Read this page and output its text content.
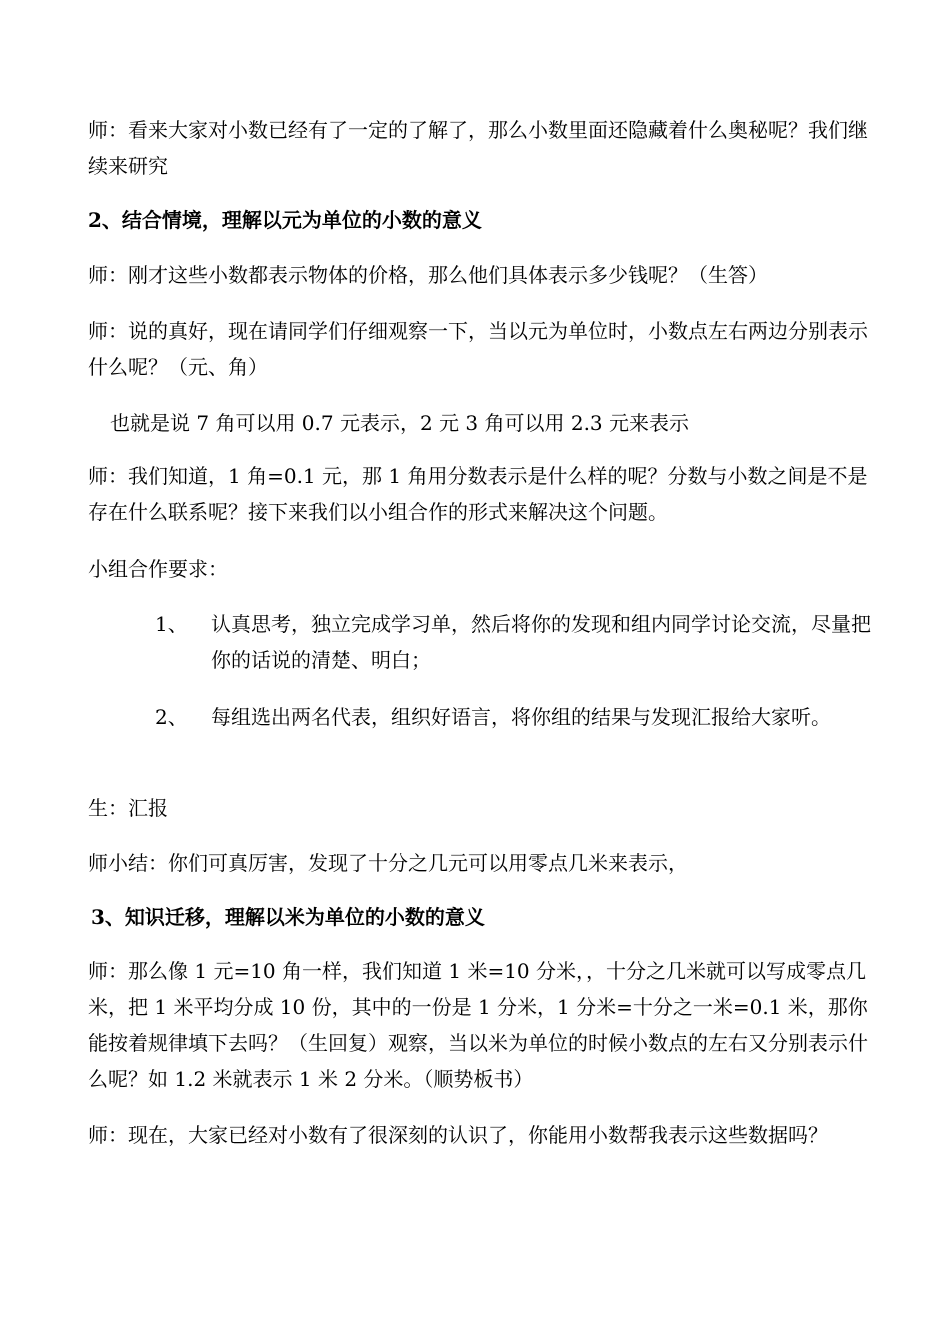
师：看来大家对小数已经有了一定的了解了，那么小数里面还隐藏着什么奥秘呢？我们继续来研究

2、结合情境，理解以元为单位的小数的意义

师：刚才这些小数都表示物体的价格，那么他们具体表示多少钱呢？（生答）

师：说的真好，现在请同学们仔细观察一下，当以元为单位时，小数点左右两边分别表示什么呢？（元、角）

也就是说 7 角可以用 0.7 元表示，2 元 3 角可以用 2.3 元来表示

师：我们知道，1 角=0.1 元，那 1 角用分数表示是什么样的呢？分数与小数之间是不是存在什么联系呢？接下来我们以小组合作的形式来解决这个问题。

小组合作要求：

1、	认真思考，独立完成学习单，然后将你的发现和组内同学讨论交流，尽量把你的话说的清楚、明白；
2、	每组选出两名代表，组织好语言，将你组的结果与发现汇报给大家听。

生：汇报

师小结：你们可真厉害，发现了十分之几元可以用零点几米来表示，

3、知识迁移，理解以米为单位的小数的意义

师：那么像 1 元=10 角一样，我们知道 1 米=10 分米，，十分之几米就可以写成零点几米，把 1 米平均分成 10 份，其中的一份是 1 分米，1 分米=十分之一米=0.1 米，那你能按着规律填下去吗？（生回复）观察，当以米为单位的时候小数点的左右又分别表示什么呢？如 1.2 米就表示 1 米 2 分米。（顺势板书）

师：现在，大家已经对小数有了很深刻的认识了，你能用小数帮我表示这些数据吗？
